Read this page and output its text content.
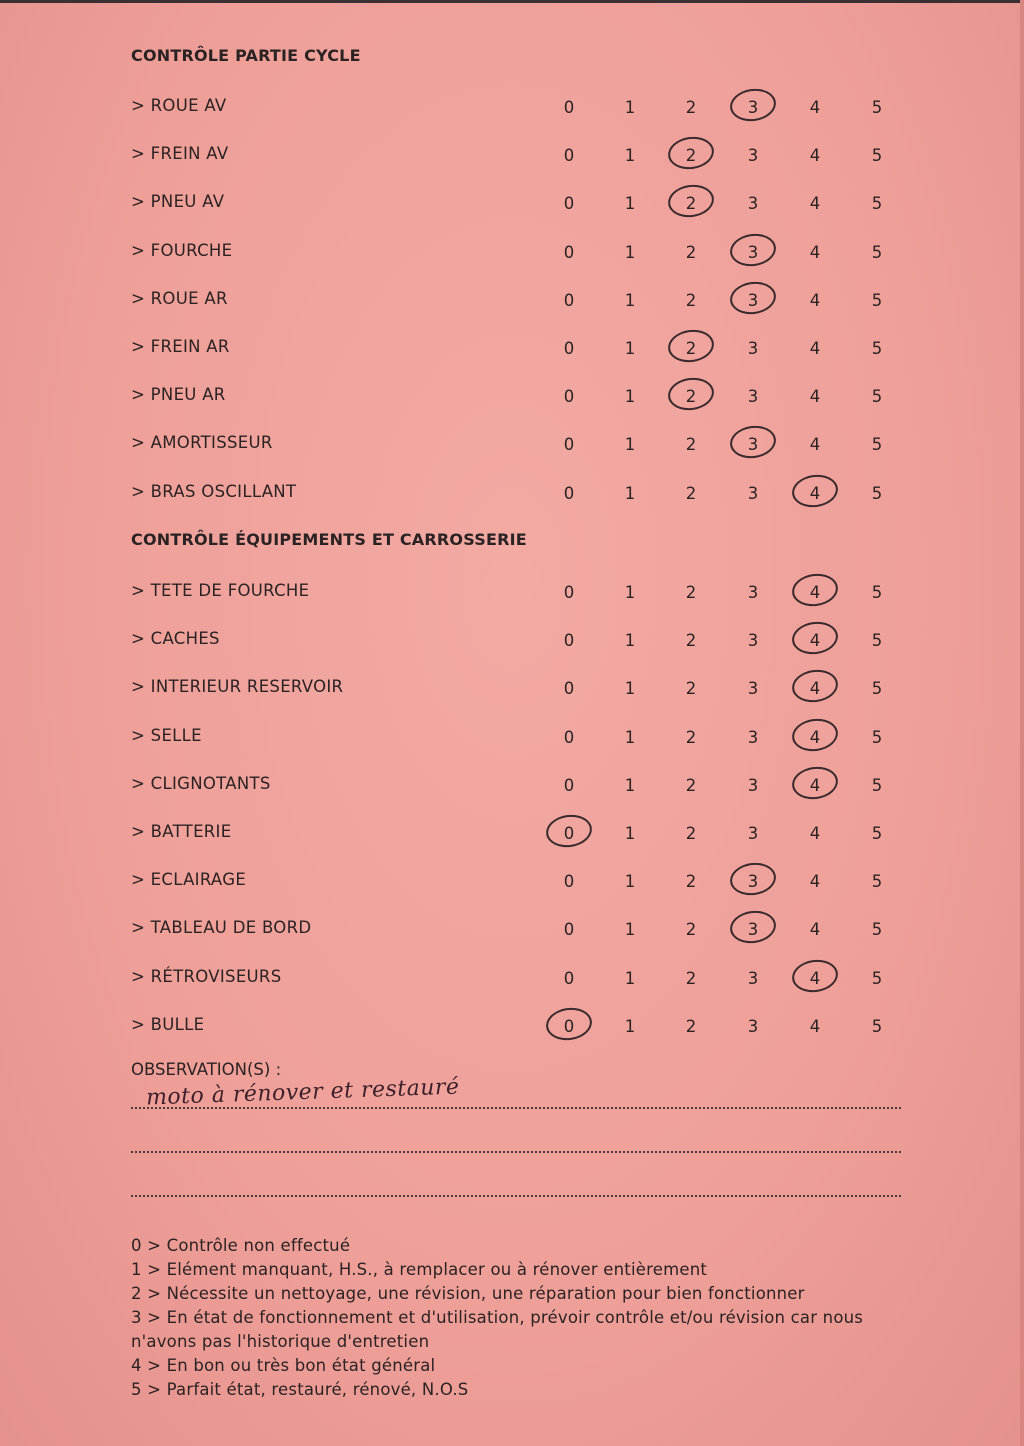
CONTRÔLE PARTIE CYCLE
> ROUE AV	0	1	2	3	4	5
> FREIN AV	0	1	2	3	4	5
> PNEU AV	0	1	2	3	4	5
> FOURCHE	0	1	2	3	4	5
> ROUE AR	0	1	2	3	4	5
> FREIN AR	0	1	2	3	4	5
> PNEU AR	0	1	2	3	4	5
> AMORTISSEUR	0	1	2	3	4	5
> BRAS OSCILLANT	0	1	2	3	4	5
CONTRÔLE ÉQUIPEMENTS ET CARROSSERIE
> TETE DE FOURCHE	0	1	2	3	4	5
> CACHES	0	1	2	3	4	5
> INTERIEUR RESERVOIR	0	1	2	3	4	5
> SELLE	0	1	2	3	4	5
> CLIGNOTANTS	0	1	2	3	4	5
> BATTERIE	0	1	2	3	4	5
> ECLAIRAGE	0	1	2	3	4	5
> TABLEAU DE BORD	0	1	2	3	4	5
> RÉTROVISEURS	0	1	2	3	4	5
> BULLE	0	1	2	3	4	5
OBSERVATION(S) :
moto à rénover et restauré
0 > Contrôle non effectué
1 > Elément manquant, H.S., à remplacer ou à rénover entièrement
2 > Nécessite un nettoyage, une révision, une réparation pour bien fonctionner
3 > En état de fonctionnement et d'utilisation, prévoir contrôle et/ou révision car nous
n'avons pas l'historique d'entretien
4 > En bon ou très bon état général
5 > Parfait état, restauré, rénové, N.O.S
